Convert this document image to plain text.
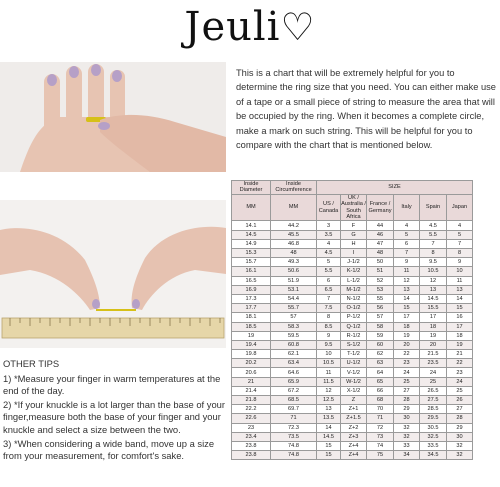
Jeuli♡
This is a chart that will be extremely helpful for you to determine the ring size that you need. You can either make use of a tape or a small piece of string to measure the area that will be occupied by the ring. When it becomes a complete circle, make a mark on such string. This will be helpful for you to compare with the chart that is mentioned below.
OTHER TIPS

1) *Measure your finger in warm temperatures at the end of the day.

2) *If your knuckle is a lot larger than the base of your finger,measure both the base of your finger and your knuckle and select a size between the two.

3) *When considering a wide band, move up a size from your measurement, for comfort's sake.

Inside Diameter	Inside Circumference	SIZE					
MM	MM	US / Canada	UK / Australia / South Africa	France / Germany	Italy	Spain	Japan
14.1	44.2	3	F	44	4	4.5	4
14.5	45.5	3.5	G	46	5	5.5	5
14.9	46.8	4	H	47	6	7	7
15.3	48	4.5	I	48	7	8	8
15.7	49.3	5	J-1/2	50	9	9.5	9
16.1	50.6	5.5	K-1/2	51	11	10.5	10
16.5	51.9	6	L-1/2	52	12	12	11
16.9	53.1	6.5	M-1/2	53	13	13	13
17.3	54.4	7	N-1/2	55	14	14.5	14
17.7	55.7	7.5	O-1/2	56	15	15.5	15
18.1	57	8	P-1/2	57	17	17	16
18.5	58.3	8.5	Q-1/2	58	18	18	17
19	59.5	9	R-1/2	59	19	19	18
19.4	60.8	9.5	S-1/2	60	20	20	19
19.8	62.1	10	T-1/2	62	22	21.5	21
20.2	63.4	10.5	U-1/2	63	23	23.5	22
20.6	64.6	11	V-1/2	64	24	24	23
21	65.9	11.5	W-1/2	65	25	25	24
21.4	67.2	12	X-1/2	66	27	26.5	25
21.8	68.5	12.5	Z	68	28	27.5	26
22.2	69.7	13	Z+1	70	29	28.5	27
22.6	71	13.5	Z+1.5	71	30	29.5	28
23	72.3	14	Z+2	72	32	30.5	29
23.4	73.5	14.5	Z+3	73	32	32.5	30
23.8	74.8	15	Z+4	74	33	33.5	32
23.8	74.8	15	Z+4	75	34	34.5	32
